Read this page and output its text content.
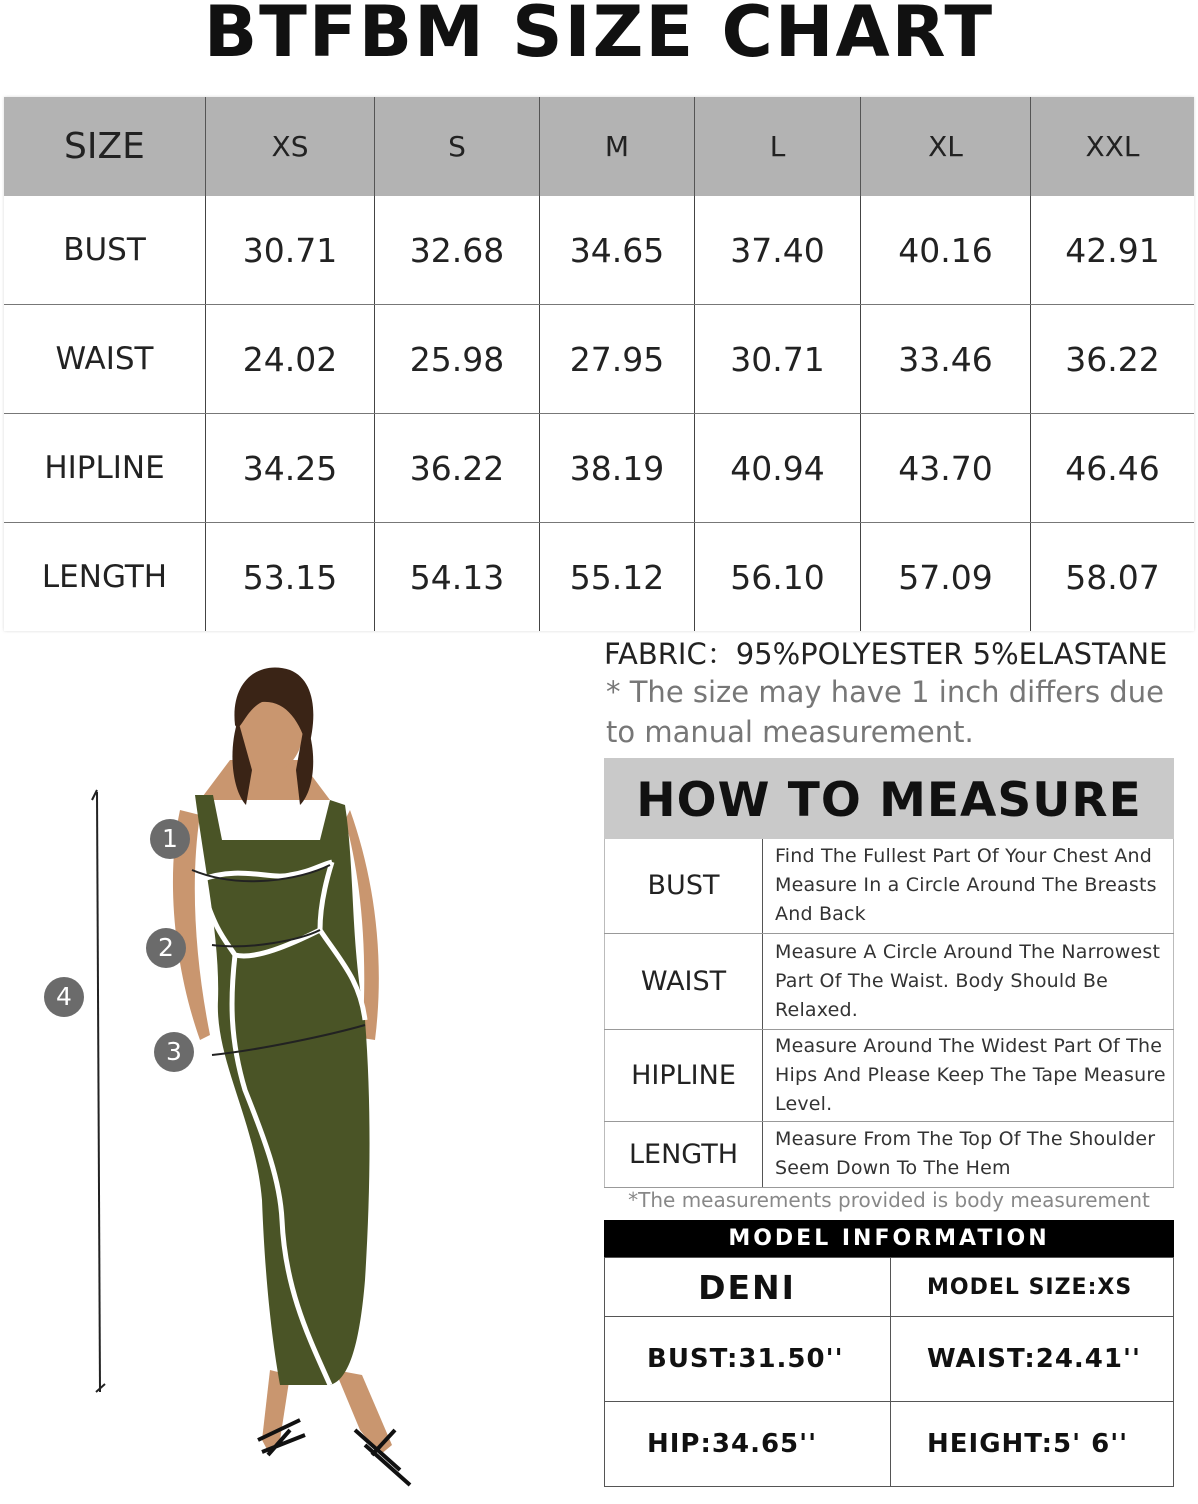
BTFBM SIZE CHART
SIZE	XS	S	M	L	XL	XXL
BUST	30.71	32.68	34.65	37.40	40.16	42.91
WAIST	24.02	25.98	27.95	30.71	33.46	36.22
HIPLINE	34.25	36.22	38.19	40.94	43.70	46.46
LENGTH	53.15	54.13	55.12	56.10	57.09	58.07
1
2
3
4
FABRIC：95%POLYESTER 5%ELASTANE
* The size may have 1 inch differs due to manual measurement.
HOW TO MEASURE
BUST	Find The Fullest Part Of Your Chest And Measure In a Circle Around The Breasts And Back
WAIST	Measure A Circle Around The Narrowest Part Of The Waist. Body Should Be Relaxed.
HIPLINE	Measure Around The Widest Part Of The Hips And Please Keep The Tape Measure Level.
LENGTH	Measure From The Top Of The Shoulder Seem Down To The Hem
*The measurements provided is body measurement
MODEL INFORMATION
DENI	MODEL SIZE:XS
BUST:31.50''	WAIST:24.41''
HIP:34.65''	HEIGHT:5' 6''
